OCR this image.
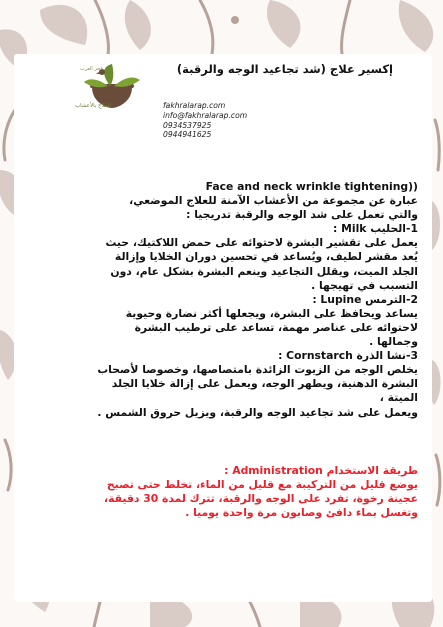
فخر العرب
للعلاج بالأعشاب
إكسير علاج (شد تجاعيد الوجه والرقبة)
fakhralarap.com
info@fakhralarap.com
0934537925
0944941625

Face and neck wrinkle tightening))

عبارة عن مجموعة من الأعشاب الآمنة للعلاج الموضعي،

والتي تعمل على شد الوجه والرقبة تدريجيا :

1-الحليب Milk :

يعمل على تقشير البشرة لاحتوائه على حمض اللاكتيك، حيث

يُعد مقشر لطيف، ويُساعد في تحسين دوران الخلايا وإزالة

الجلد الميت، ويقلل التجاعيد وينعم البشرة بشكل عام، دون

التسبب في تهيجها .

2-الترمس Lupine :

يساعد ويحافظ على البشرة، ويجعلها أكثر نضارة وحيوية

لاحتوائه على عناصر مهمة، تساعد على ترطيب البشرة

وجمالها .

3-نشا الذرة Cornstarch :

يخلص الوجه من الزيوت الزائدة بامتصاصها، وخصوصا لأصحاب

البشرة الدهنية، ويطهر الوجه، ويعمل على إزالة خلايا الجلد

الميتة ،

ويعمل على شد تجاعيد الوجه والرقبة، ويزيل حروق الشمس .

طريقة الاستخدام Administration :

يوضع قليل من التركيبة مع قليل من الماء، تخلط حتى تصبح

عجينة رخوة، تفرد على الوجه والرقبة، تترك لمدة 30 دقيقة،

وتغسل بماء دافئ وصابون مرة واحدة يوميا .
